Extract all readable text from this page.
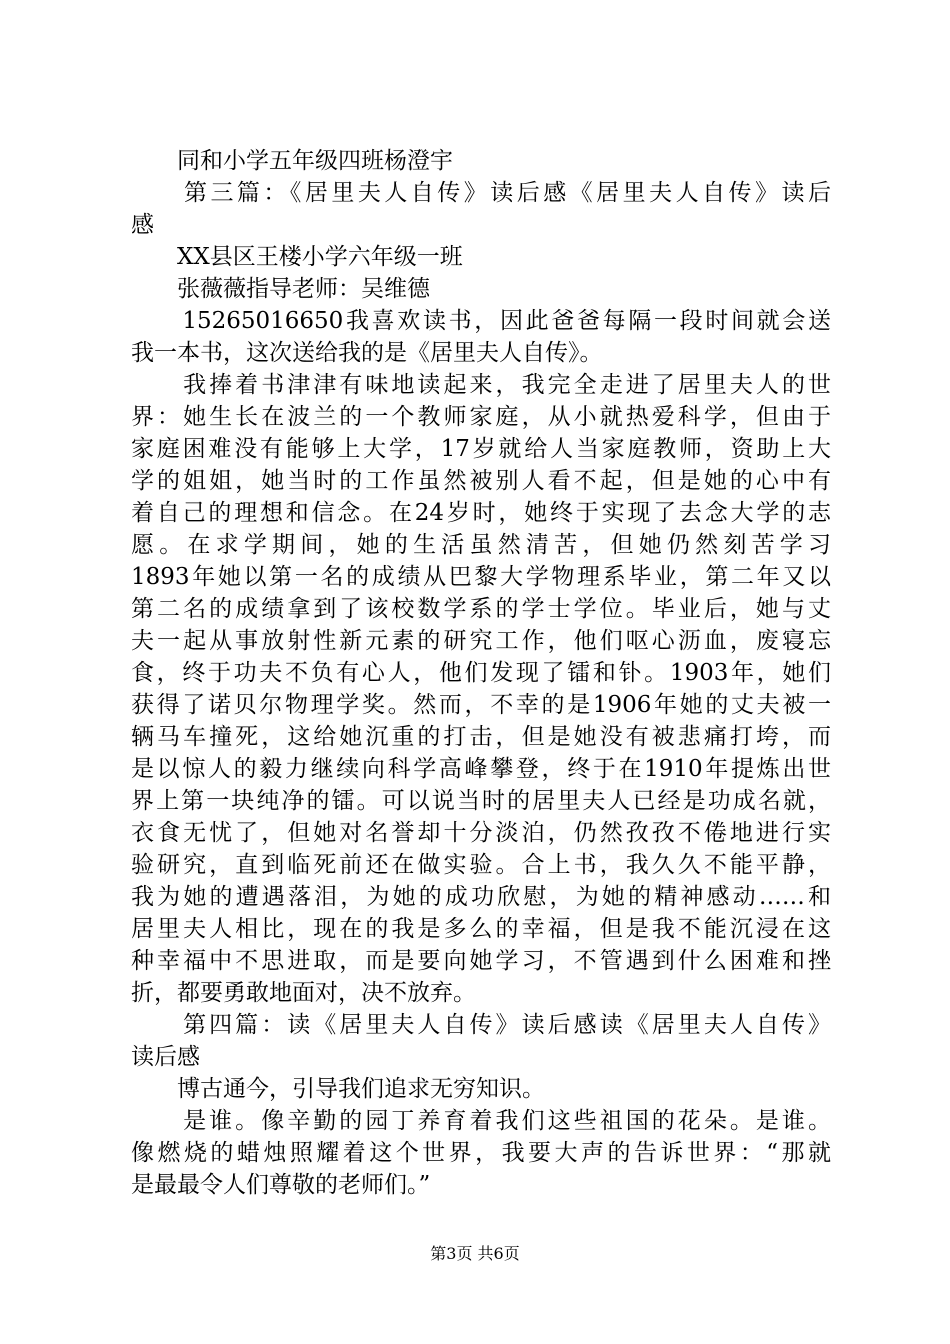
　　同和小学五年级四班杨澄宇
　　第三篇：《居里夫人自传》读后感《居里夫人自传》读后
感
　　XX县区王楼小学六年级一班
　　张薇薇指导老师：吴维德
　　15265016650我喜欢读书，因此爸爸每隔一段时间就会送
我一本书，这次送给我的是《居里夫人自传》。
　　我捧着书津津有味地读起来，我完全走进了居里夫人的世
界：她生长在波兰的一个教师家庭，从小就热爱科学，但由于
家庭困难没有能够上大学，17岁就给人当家庭教师，资助上大
学的姐姐，她当时的工作虽然被别人看不起，但是她的心中有
着自己的理想和信念。在24岁时，她终于实现了去念大学的志
愿。在求学期间，她的生活虽然清苦，但她仍然刻苦学习
1893年她以第一名的成绩从巴黎大学物理系毕业，第二年又以
第二名的成绩拿到了该校数学系的学士学位。毕业后，她与丈
夫一起从事放射性新元素的研究工作，他们呕心沥血，废寝忘
食，终于功夫不负有心人，他们发现了镭和钋。1903年，她们
获得了诺贝尔物理学奖。然而，不幸的是1906年她的丈夫被一
辆马车撞死，这给她沉重的打击，但是她没有被悲痛打垮，而
是以惊人的毅力继续向科学高峰攀登，终于在1910年提炼出世
界上第一块纯净的镭。可以说当时的居里夫人已经是功成名就，
衣食无忧了，但她对名誉却十分淡泊，仍然孜孜不倦地进行实
验研究，直到临死前还在做实验。合上书，我久久不能平静，
我为她的遭遇落泪，为她的成功欣慰，为她的精神感动……和
居里夫人相比，现在的我是多么的幸福，但是我不能沉浸在这
种幸福中不思进取，而是要向她学习，不管遇到什么困难和挫
折，都要勇敢地面对，决不放弃。
　　第四篇：读《居里夫人自传》读后感读《居里夫人自传》
读后感
　　博古通今，引导我们追求无穷知识。
　　是谁。像辛勤的园丁养育着我们这些祖国的花朵。是谁。
像燃烧的蜡烛照耀着这个世界，我要大声的告诉世界：“那就
是最最令人们尊敬的老师们。”
第3页 共6页
